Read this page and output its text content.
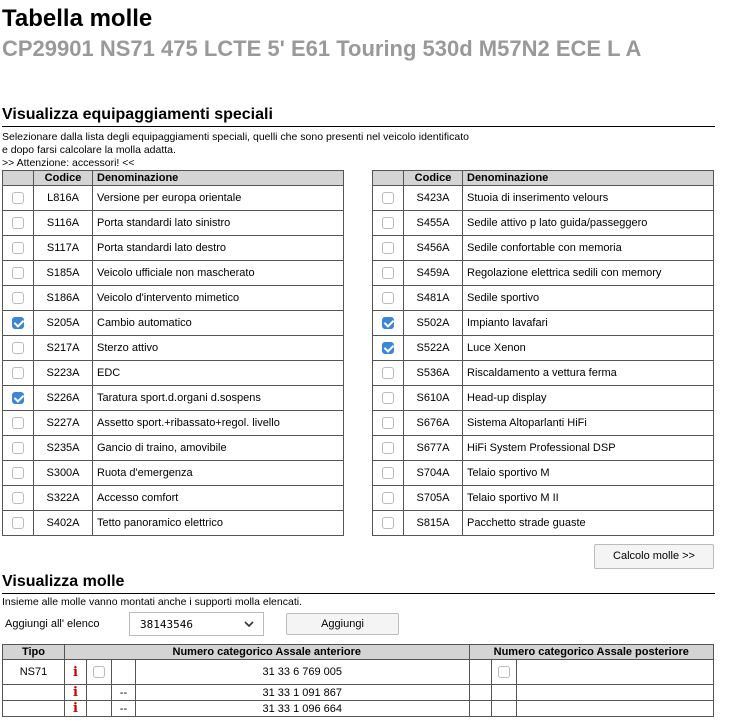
Tabella molle
CP29901 NS71 475 LCTE 5' E61 Touring 530d M57N2 ECE L A
Visualizza equipaggiamenti speciali
Selezionare dalla lista degli equipaggiamenti speciali, quelli che sono presenti nel veicolo identificato
e dopo farsi calcolare la molla adatta.
>> Attenzione: accessori! <<
	Codice	Denominazione
	L816A	Versione per europa orientale
	S116A	Porta standardi lato sinistro
	S117A	Porta standardi lato destro
	S185A	Veicolo ufficiale non mascherato
	S186A	Veicolo d'intervento mimetico
	S205A	Cambio automatico
	S217A	Sterzo attivo
	S223A	EDC
	S226A	Taratura sport.d.organi d.sospens
	S227A	Assetto sport.+ribassato+regol. livello
	S235A	Gancio di traino, amovibile
	S300A	Ruota d'emergenza
	S322A	Accesso comfort
	S402A	Tetto panoramico elettrico
	Codice	Denominazione
	S423A	Stuoia di inserimento velours
	S455A	Sedile attivo p lato guida/passeggero
	S456A	Sedile confortable con memoria
	S459A	Regolazione elettrica sedili con memory
	S481A	Sedile sportivo
	S502A	Impianto lavafari
	S522A	Luce Xenon
	S536A	Riscaldamento a vettura ferma
	S610A	Head-up display
	S676A	Sistema Altoparlanti HiFi
	S677A	HiFi System Professional DSP
	S704A	Telaio sportivo M
	S705A	Telaio sportivo M II
	S815A	Pacchetto strade guaste
Calcolo molle >>
Visualizza molle
Insieme alle molle vanno montati anche i supporti molla elencati.
Aggiungi all' elenco	38143546	Aggiungi
Tipo	Numero categorico Assale anteriore				Numero categorico Assale posteriore		
NS71	i			31 33 6 769 005			
	i		--	31 33 1 091 867			
	i		--	31 33 1 096 664			
